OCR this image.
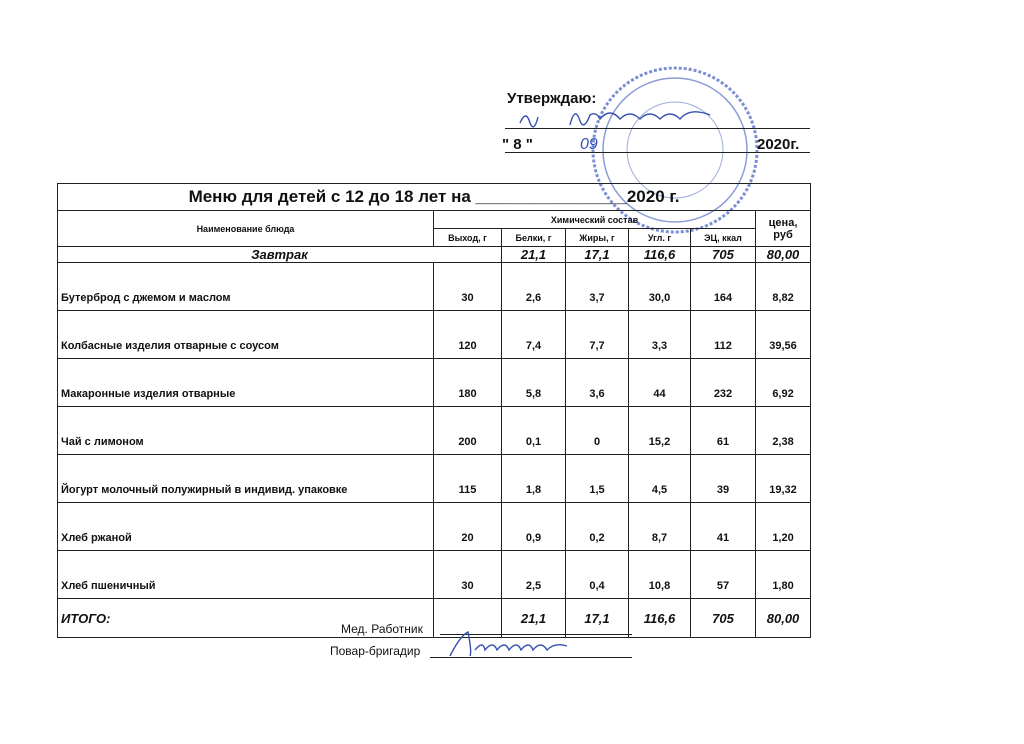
Утверждаю:
" 8 "	09	2020г.
Меню для детей с 12 до 18 лет на ________________2020 г.						
Наименование блюда	Химический состав					цена, руб
	Выход, г	Белки, г	Жиры, г	Угл. г	ЭЦ, ккал	
Завтрак		21,1	17,1	116,6	705	80,00
Бутерброд с джемом и маслом	30	2,6	3,7	30,0	164	8,82
Колбасные изделия отварные с соусом	120	7,4	7,7	3,3	112	39,56
Макаронные изделия отварные	180	5,8	3,6	44	232	6,92
Чай с лимоном	200	0,1	0	15,2	61	2,38
Йогурт молочный полужирный в индивид. упаковке	115	1,8	1,5	4,5	39	19,32
Хлеб ржаной	20	0,9	0,2	8,7	41	1,20
Хлеб пшеничный	30	2,5	0,4	10,8	57	1,80
ИТОГО:		21,1	17,1	116,6	705	80,00
Мед. Работник
Повар-бригадир
